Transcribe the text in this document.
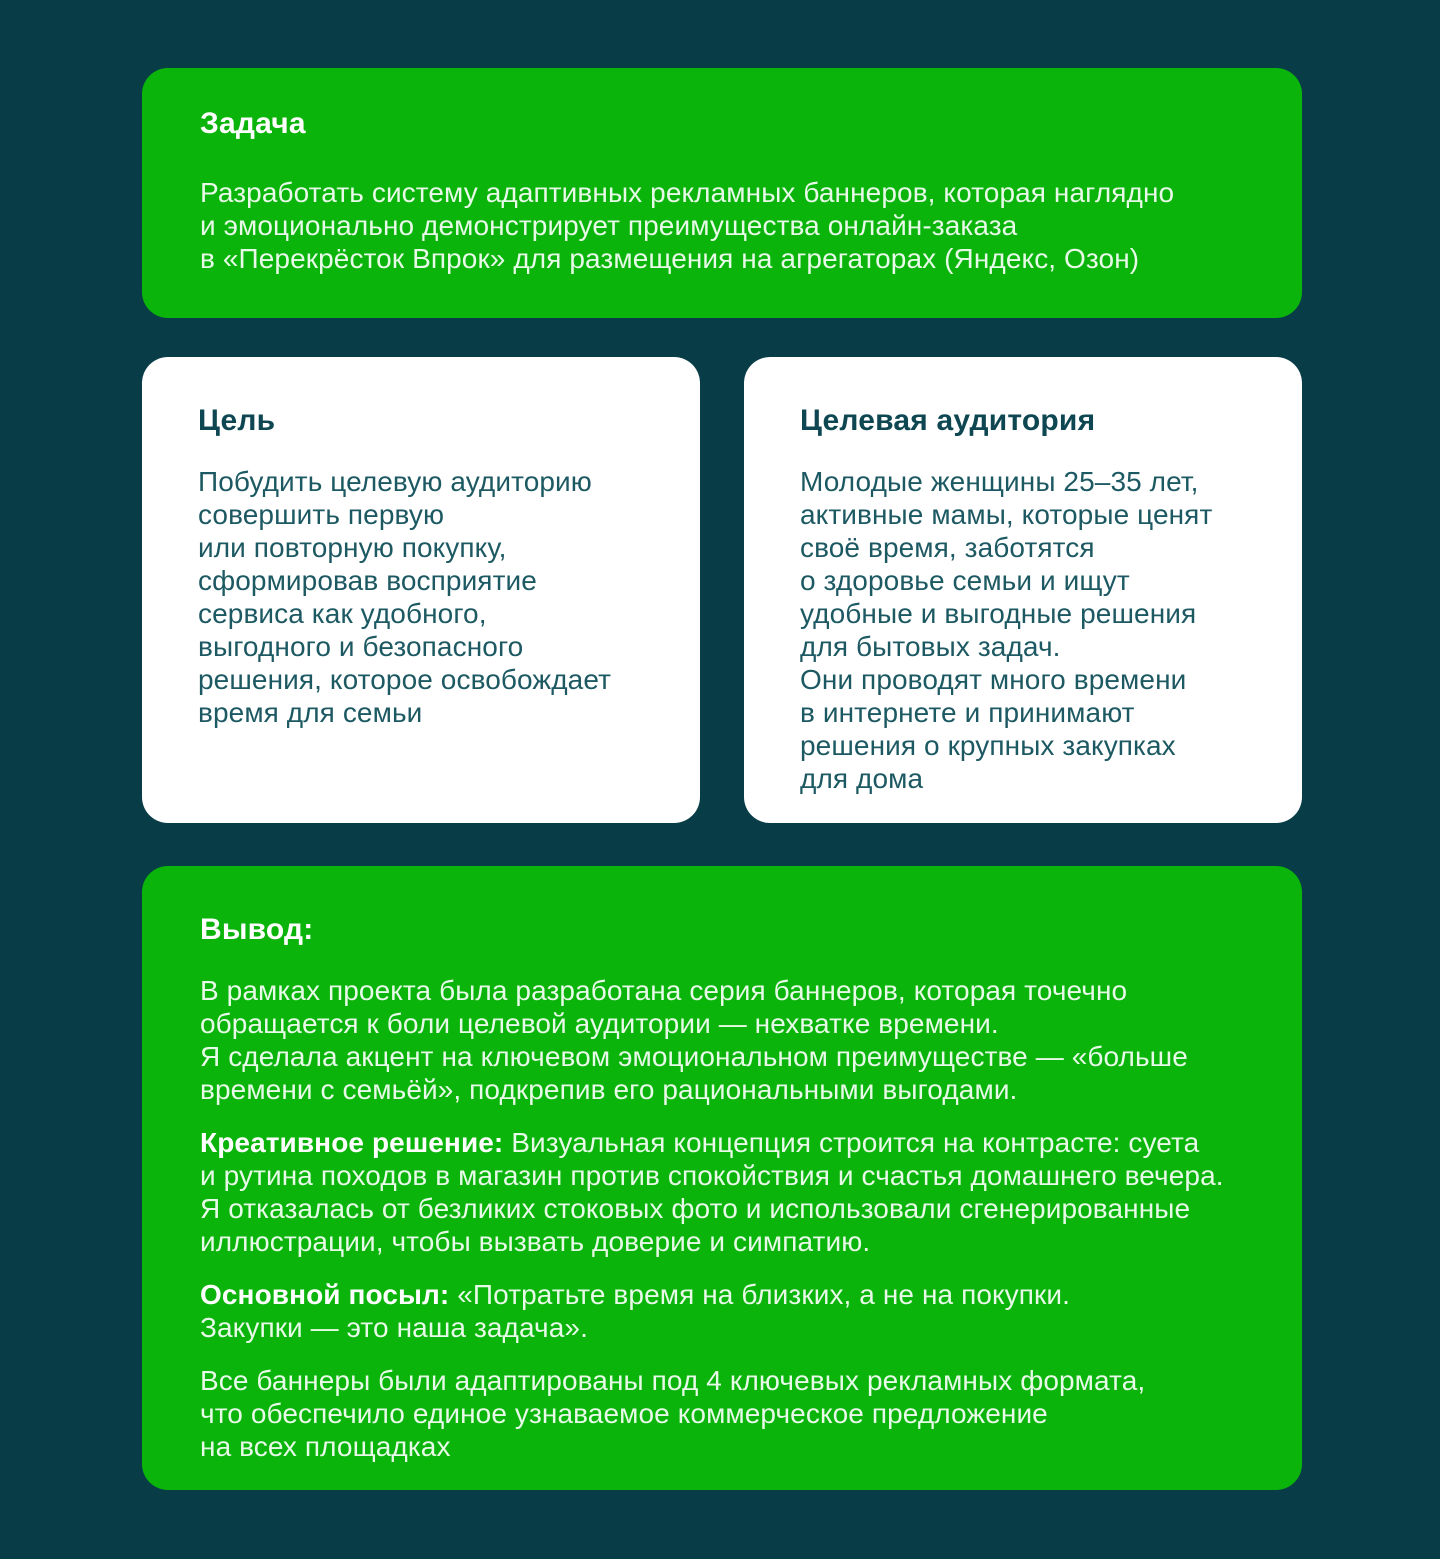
Задача

Разработать систему адаптивных рекламных баннеров, которая наглядно
и эмоционально демонстрирует преимущества онлайн-заказа
в «Перекрёсток Впрок» для размещения на агрегаторах (Яндекс, Озон)

Цель

Побудить целевую аудиторию
совершить первую
или повторную покупку,
сформировав восприятие
сервиса как удобного,
выгодного и безопасного
решения, которое освобождает
время для семьи

Целевая аудитория

Молодые женщины 25–35 лет,
активные мамы, которые ценят
своё время, заботятся
о здоровье семьи и ищут
удобные и выгодные решения
для бытовых задач.
Они проводят много времени
в интернете и принимают
решения о крупных закупках
для дома

Вывод:

В рамках проекта была разработана серия баннеров, которая точечно
обращается к боли целевой аудитории — нехватке времени.
Я сделала акцент на ключевом эмоциональном преимуществе — «больше
времени с семьёй», подкрепив его рациональными выгодами.

Креативное решение: Визуальная концепция строится на контрасте: суета
и рутина походов в магазин против спокойствия и счастья домашнего вечера.
Я отказалась от безликих стоковых фото и использовали сгенерированные
иллюстрации, чтобы вызвать доверие и симпатию.

Основной посыл: «Потратьте время на близких, а не на покупки.
Закупки — это наша задача».

Все баннеры были адаптированы под 4 ключевых рекламных формата,
что обеспечило единое узнаваемое коммерческое предложение
на всех площадках
